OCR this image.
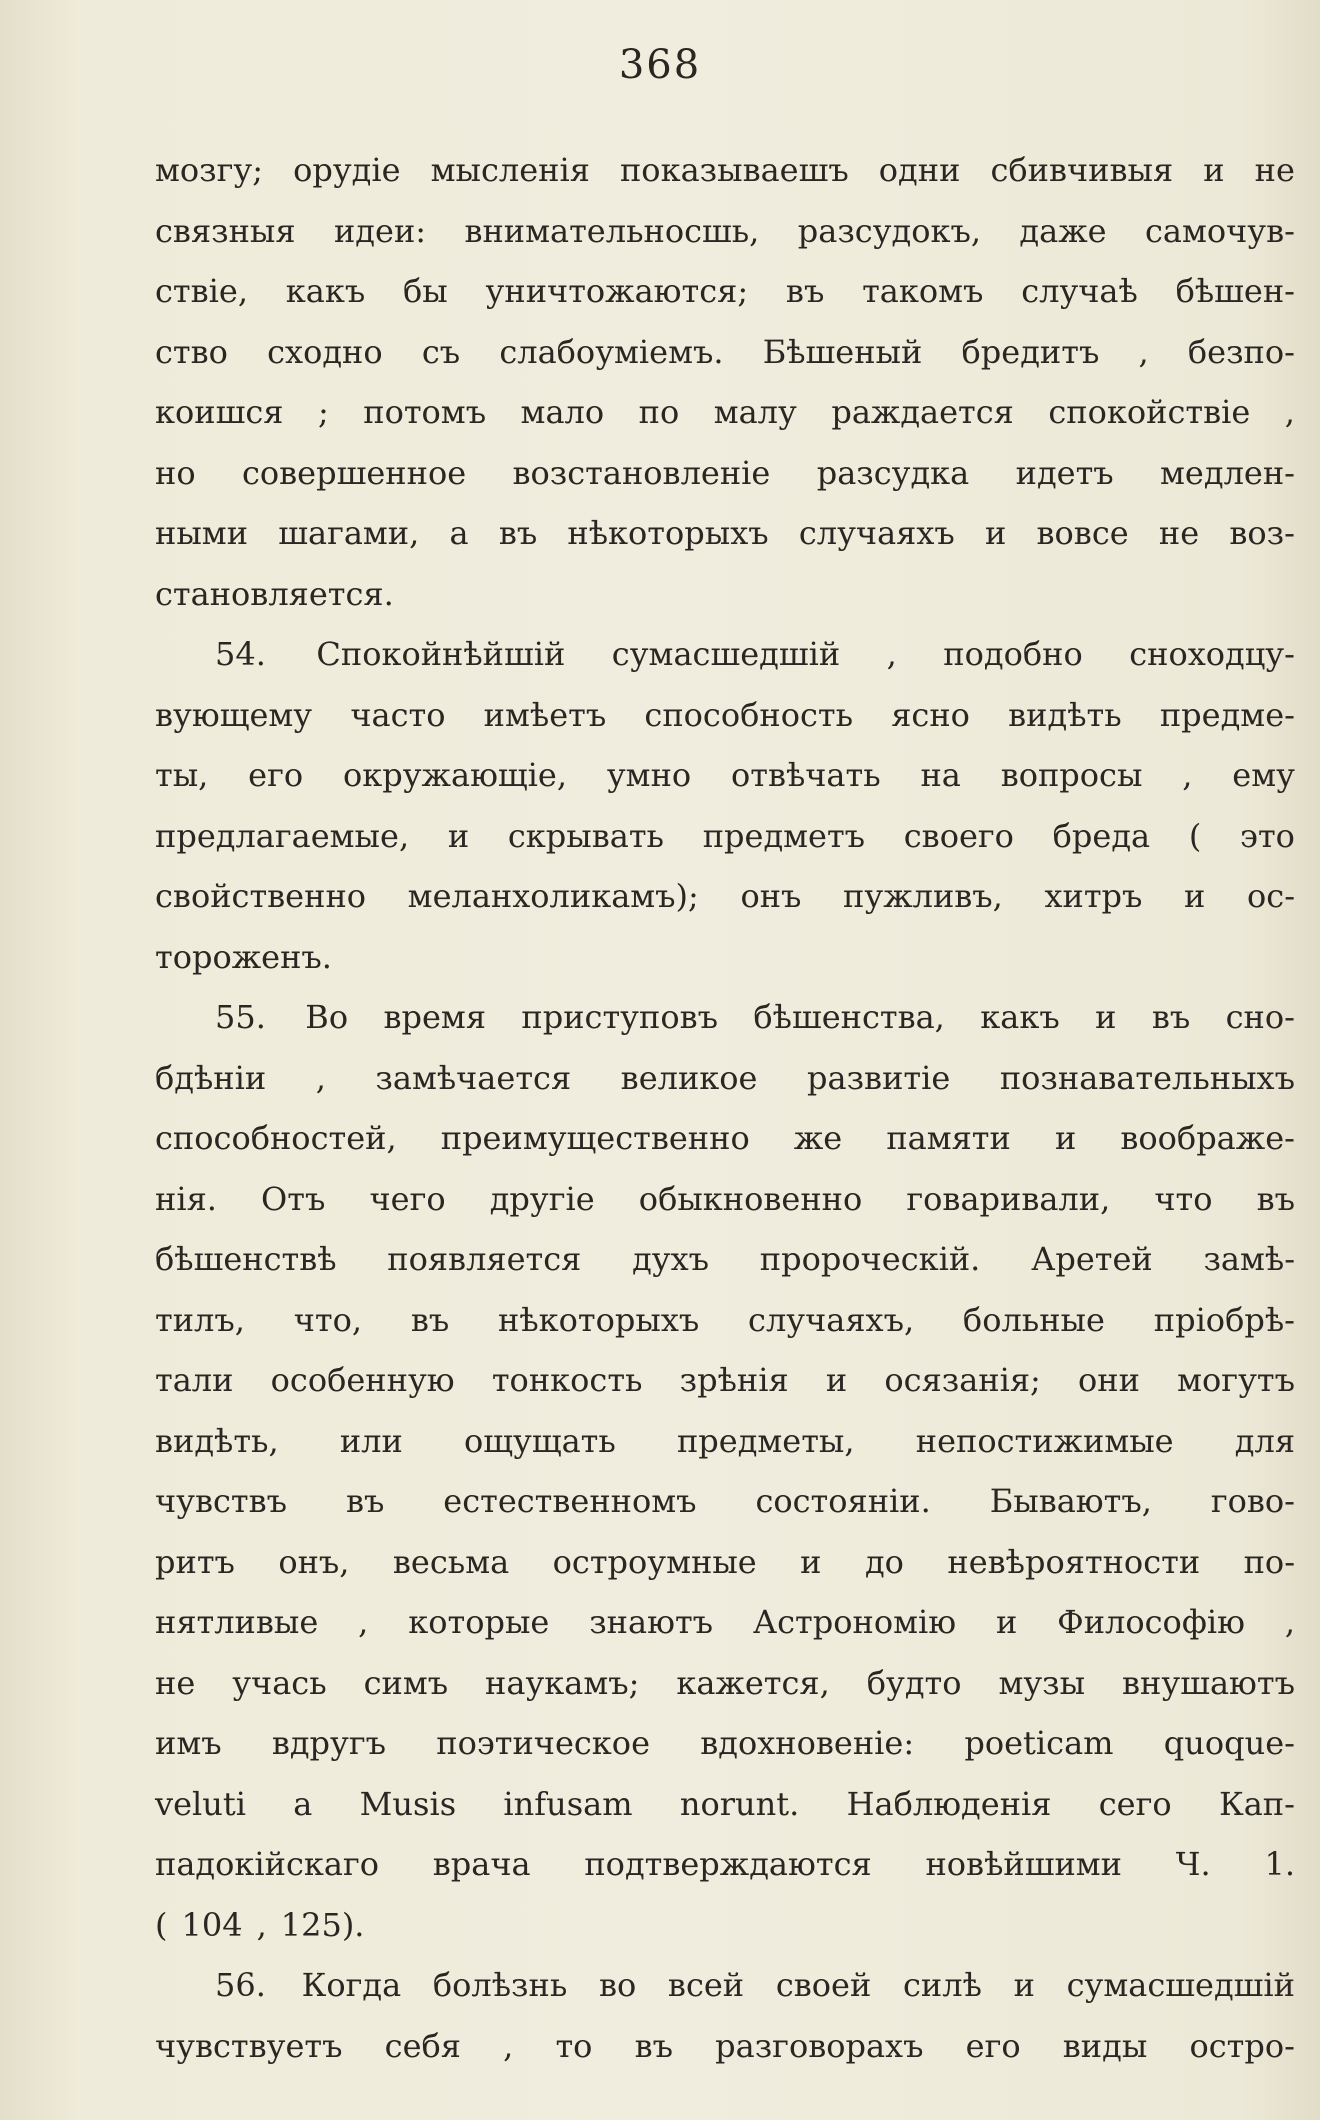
368
мозгу; орудіе мысленія показываешъ одни сбивчивыя и не
связныя идеи: внимательносшь, разсудокъ, даже самочув-
ствіе, какъ бы уничтожаются; въ такомъ случаѣ бѣшен-
ство сходно съ слабоуміемъ. Бѣшеный бредитъ , безпо-
коишся ; потомъ мало по малу раждается спокойствіе ,
но совершенное возстановленіе разсудка идетъ медлен-
ными шагами, а въ нѣкоторыхъ случаяхъ и вовсе не воз-
становляется.
54. Спокойнѣйшій сумасшедшій , подобно сноходцу-
вующему часто имѣетъ способность ясно видѣть предме-
ты, его окружающіе, умно отвѣчать на вопросы , ему
предлагаемые, и скрывать предметъ своего бреда ( это
свойственно меланхоликамъ); онъ пужливъ, хитръ и ос-
тороженъ.
55. Во время приступовъ бѣшенства, какъ и въ сно-
бдѣніи , замѣчается великое развитіе познавательныхъ
способностей, преимущественно же памяти и воображе-
нія. Отъ чего другіе обыкновенно говаривали, что въ
бѣшенствѣ появляется духъ пророческій. Аретей замѣ-
тилъ, что, въ нѣкоторыхъ случаяхъ, больные пріобрѣ-
тали особенную тонкость зрѣнія и осязанія; они могутъ
видѣть, или ощущать предметы, непостижимые для
чувствъ въ естественномъ состояніи. Бываютъ, гово-
ритъ онъ, весьма остроумные и до невѣроятности по-
нятливые , которые знаютъ Астрономію и Философію ,
не учась симъ наукамъ; кажется, будто музы внушаютъ
имъ вдругъ поэтическое вдохновеніе: poeticam quoque-
veluti a Musis infusam norunt. Наблюденія сего Кап-
падокійскаго врача подтверждаются новѣйшими Ч. 1.
( 104 , 125).
56. Когда болѣзнь во всей своей силѣ и сумасшедшій
чувствуетъ себя , то въ разговорахъ его виды остро-
